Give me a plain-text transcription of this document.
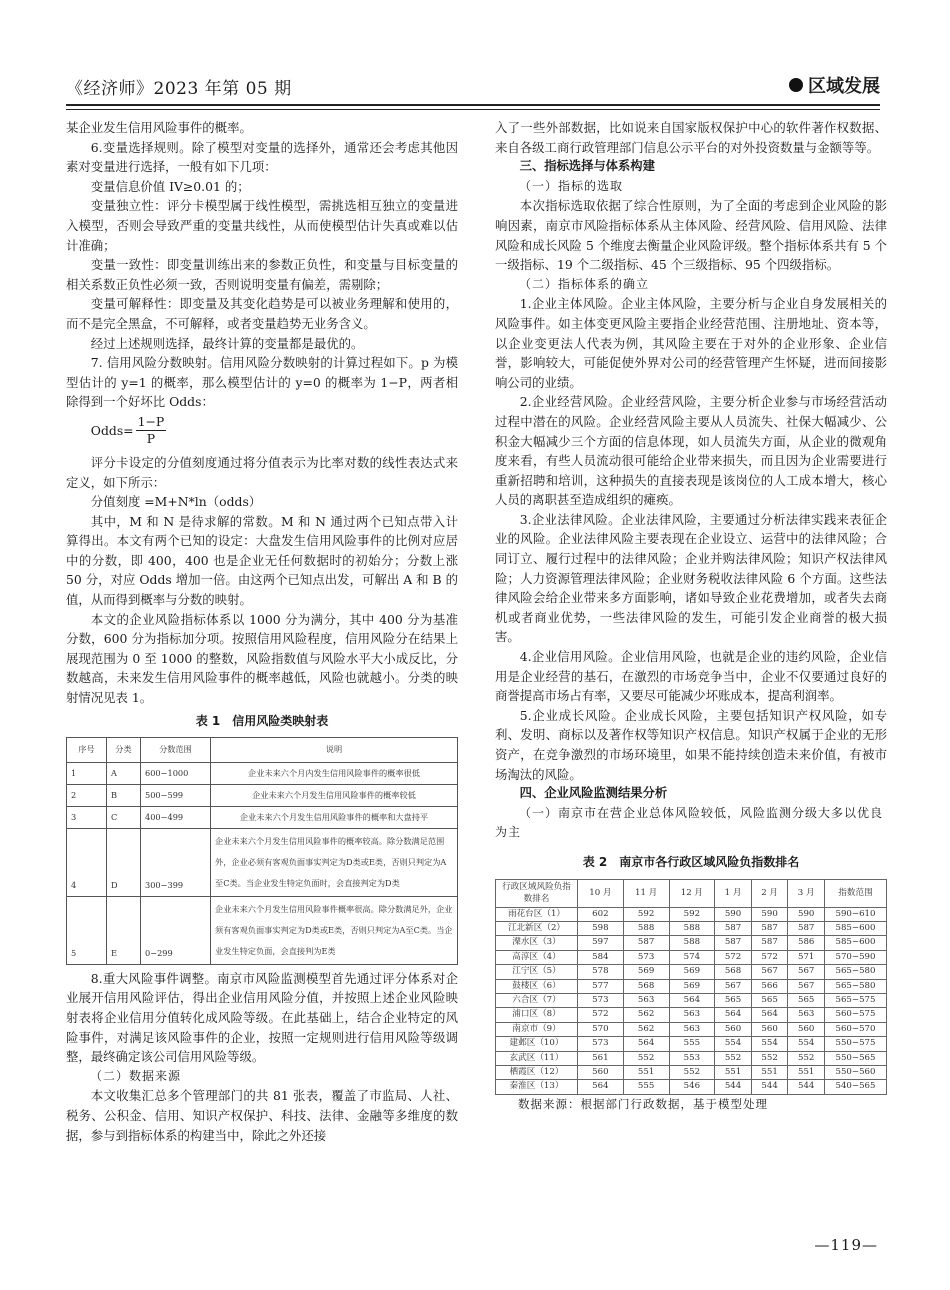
《经济师》2023 年第 05 期	区域发展

某企业发生信用风险事件的概率。

6.变量选择规则。除了模型对变量的选择外，通常还会考虑其他因素对变量进行选择，一般有如下几项：

变量信息价值 IV≥0.01 的；

变量独立性：评分卡模型属于线性模型，需挑选相互独立的变量进入模型，否则会导致严重的变量共线性，从而使模型估计失真或难以估计准确；

变量一致性：即变量训练出来的参数正负性，和变量与目标变量的相关系数正负性必须一致，否则说明变量有偏差，需剔除；

变量可解释性：即变量及其变化趋势是可以被业务理解和使用的，而不是完全黑盒，不可解释，或者变量趋势无业务含义。

经过上述规则选择，最终计算的变量都是最优的。

7. 信用风险分数映射。信用风险分数映射的计算过程如下。p 为模型估计的 y=1 的概率，那么模型估计的 y=0 的概率为 1−P，两者相除得到一个好坏比 Odds：

Odds= $\frac{1-P}{P}$

评分卡设定的分值刻度通过将分值表示为比率对数的线性表达式来定义，如下所示：

分值刻度 =M+N*ln（odds）

其中，M 和 N 是待求解的常数。M 和 N 通过两个已知点带入计算得出。本文有两个已知的设定：大盘发生信用风险事件的比例对应居中的分数，即 400，400 也是企业无任何数据时的初始分；分数上涨 50 分，对应 Odds 增加一倍。由这两个已知点出发，可解出 A 和 B 的值，从而得到概率与分数的映射。

本文的企业风险指标体系以 1000 分为满分，其中 400 分为基准分数，600 分为指标加分项。按照信用风险程度，信用风险分在结果上展现范围为 0 至 1000 的整数，风险指数值与风险水平大小成反比，分数越高，未来发生信用风险事件的概率越低，风险也就越小。分类的映射情况见表 1。

表 1　信用风险类映射表
序号	分类	分数范围	说明
1	A	600−1000	企业未来六个月内发生信用风险事件的概率很低
2	B	500−599	企业未来六个月发生信用风险事件的概率较低
3	C	400−499	企业未来六个月发生信用风险事件的概率和大盘持平
4	D	300−399	企业未来六个月发生信用风险事件的概率较高。除分数满足范围外，企业必须有客观负面事实判定为D类或E类，否则只判定为A至C类。当企业发生特定负面时，会直接判定为D类
5	E	0−299	企业未来六个月发生信用风险事件概率很高。除分数满足外，企业须有客观负面事实判定为D类或E类，否则只判定为A至C类。当企业发生特定负面，会直接判为E类

8.重大风险事件调整。南京市风险监测模型首先通过评分体系对企业展开信用风险评估，得出企业信用风险分值，并按照上述企业风险映射表将企业信用分值转化成风险等级。在此基础上，结合企业特定的风险事件，对满足该风险事件的企业，按照一定规则进行信用风险等级调整，最终确定该公司信用风险等级。

（二）数据来源

本文收集汇总多个管理部门的共 81 张表，覆盖了市监局、人社、税务、公积金、信用、知识产权保护、科技、法律、金融等多维度的数据，参与到指标体系的构建当中，除此之外还接

入了一些外部数据，比如说来自国家版权保护中心的软件著作权数据、来自各级工商行政管理部门信息公示平台的对外投资数量与金额等等。

三、指标选择与体系构建

（一）指标的选取

本次指标选取依据了综合性原则，为了全面的考虑到企业风险的影响因素，南京市风险指标体系从主体风险、经营风险、信用风险、法律风险和成长风险 5 个维度去衡量企业风险评级。整个指标体系共有 5 个一级指标、19 个二级指标、45 个三级指标、95 个四级指标。

（二）指标体系的确立

1.企业主体风险。企业主体风险，主要分析与企业自身发展相关的风险事件。如主体变更风险主要指企业经营范围、注册地址、资本等，以企业变更法人代表为例，其风险主要在于对外的企业形象、企业信誉，影响较大，可能促使外界对公司的经营管理产生怀疑，进而间接影响公司的业绩。

2.企业经营风险。企业经营风险，主要分析企业参与市场经营活动过程中潜在的风险。企业经营风险主要从人员流失、社保大幅减少、公积金大幅减少三个方面的信息体现，如人员流失方面，从企业的微观角度来看，有些人员流动很可能给企业带来损失，而且因为企业需要进行重新招聘和培训，这种损失的直接表现是该岗位的人工成本增大，核心人员的离职甚至造成组织的瘫痪。

3.企业法律风险。企业法律风险，主要通过分析法律实践来表征企业的风险。企业法律风险主要表现在企业设立、运营中的法律风险；合同订立、履行过程中的法律风险；企业并购法律风险；知识产权法律风险；人力资源管理法律风险；企业财务税收法律风险 6 个方面。这些法律风险会给企业带来多方面影响，诸如导致企业花费增加，或者失去商机或者商业优势，一些法律风险的发生，可能引发企业商誉的极大损害。

4.企业信用风险。企业信用风险，也就是企业的违约风险，企业信用是企业经营的基石，在激烈的市场竞争当中，企业不仅要通过良好的商誉提高市场占有率，又要尽可能减少坏账成本，提高利润率。

5.企业成长风险。企业成长风险，主要包括知识产权风险，如专利、发明、商标以及著作权等知识产权信息。知识产权属于企业的无形资产，在竞争激烈的市场环境里，如果不能持续创造未来价值，有被市场淘汰的风险。

四、企业风险监测结果分析

（一）南京市在营企业总体风险较低，风险监测分级大多以优良为主

表 2　南京市各行政区域风险负指数排名
行政区域风险负指数排名	10 月	11 月	12 月	1 月	2 月	3 月	指数范围
雨花台区（1）	602	592	592	590	590	590	590−610
江北新区（2）	598	588	588	587	587	587	585−600
溧水区（3）	597	587	588	587	587	586	585−600
高淳区（4）	584	573	574	572	572	571	570−590
江宁区（5）	578	569	569	568	567	567	565−580
鼓楼区（6）	577	568	569	567	566	567	565−580
六合区（7）	573	563	564	565	565	565	565−575
浦口区（8）	572	562	563	564	564	563	560−575
南京市（9）	570	562	563	560	560	560	560−570
建邺区（10）	573	564	555	554	554	554	550−575
玄武区（11）	561	552	553	552	552	552	550−565
栖霞区（12）	560	551	552	551	551	551	550−560
秦淮区（13）	564	555	546	544	544	544	540−565

数据来源：根据部门行政数据，基于模型处理

—119—
